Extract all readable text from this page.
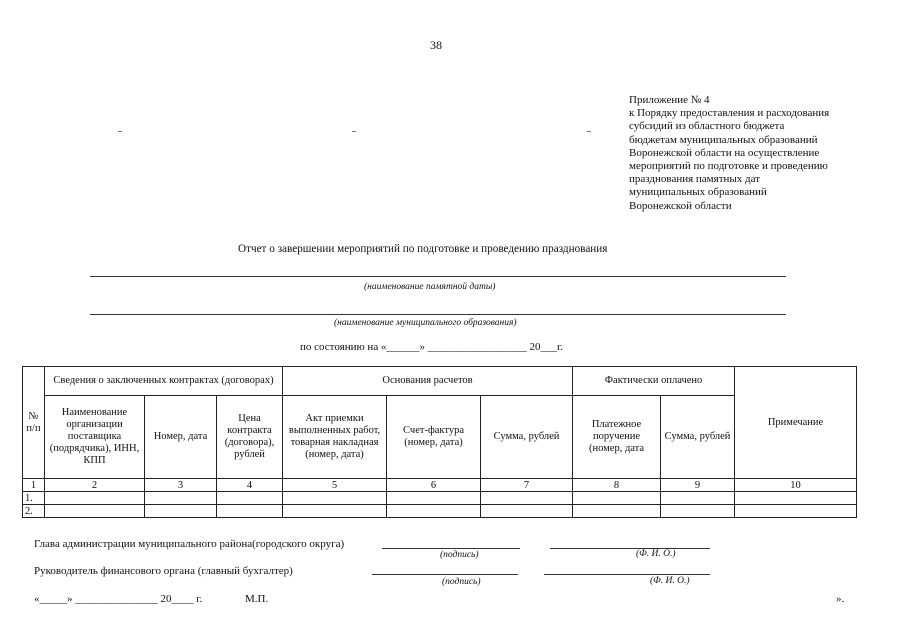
38
Приложение № 4
к Порядку предоставления и расходования
субсидий из областного бюджета
бюджетам муниципальных образований
Воронежской области на осуществление
мероприятий по подготовке и проведению
празднования памятных дат
муниципальных образований
Воронежской области
Отчет о завершении мероприятий по подготовке и проведению празднования
(наименование памятной даты)
(наименование муниципального образования)
по состоянию на «______» __________________ 20___г.
№ п/п	Сведения о заключенных контрактах (договорах)			Основания расчетов			Фактически оплачено		Примечание
	Наименование организации поставщика (подрядчика), ИНН, КПП	Номер, дата	Цена контракта (договора), рублей	Акт приемки выполненных работ, товарная накладная (номер, дата)	Счет-фактура (номер, дата)	Сумма, рублей	Платежное поручение (номер, дата	Сумма, рублей	
1	2	3	4	5	6	7	8	9	10
1.									
2.									
Глава администрации муниципального района(городского округа)
(подпись)	(Ф. И. О.)
Руководитель финансового органа (главный бухгалтер)
(подпись)	(Ф. И. О.)
«_____» _______________ 20____ г.	М.П.	».
